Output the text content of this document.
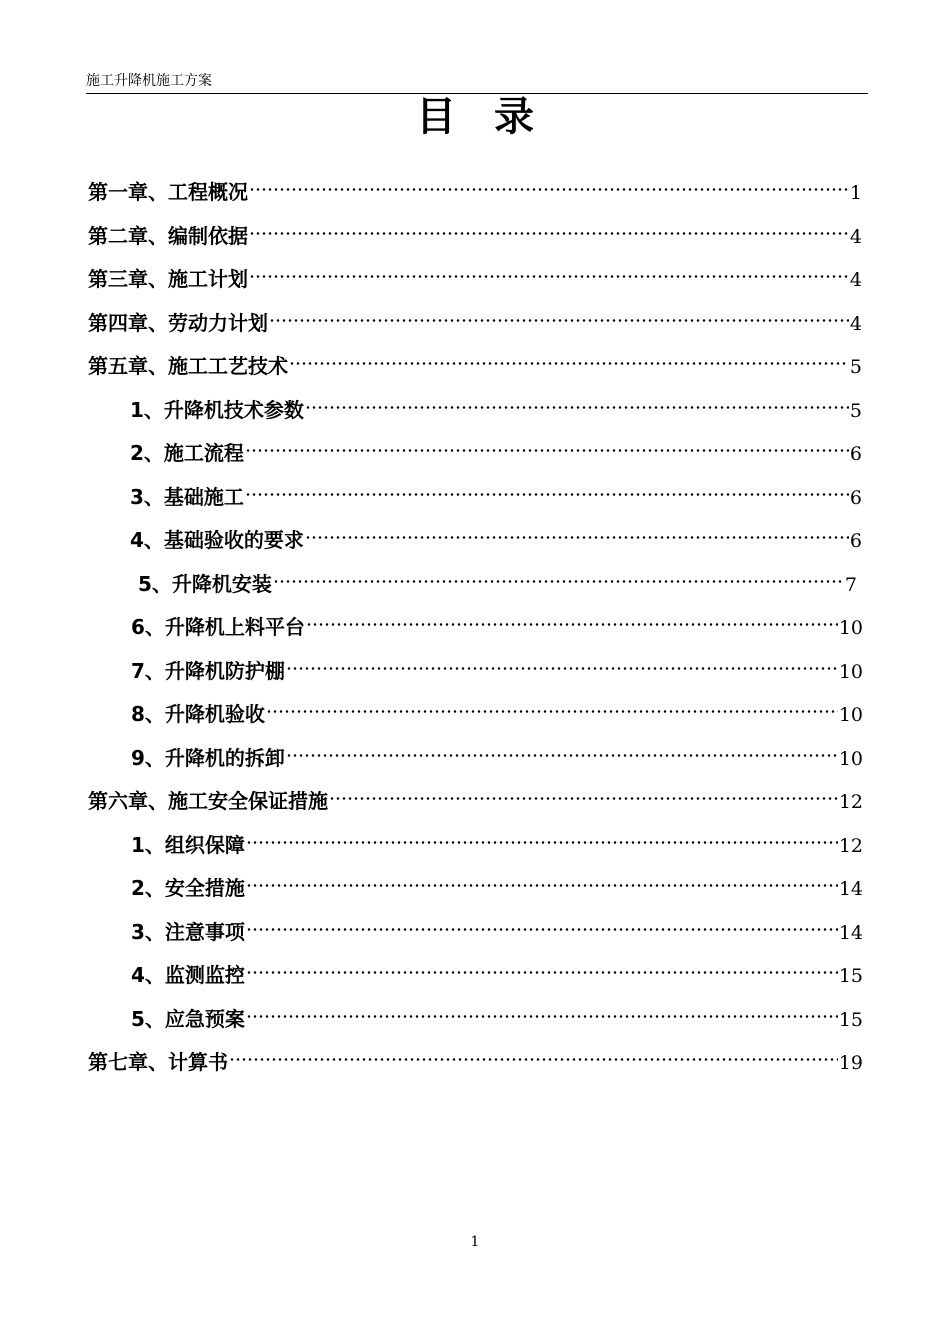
施工升降机施工方案
目录
第一章、工程概况	1
第二章、编制依据	4
第三章、施工计划	4
第四章、劳动力计划	4
第五章、施工工艺技术	5
1、升降机技术参数	5
2、施工流程	6
3、基础施工	6
4、基础验收的要求	6
5、升降机安装	7
6、升降机上料平台	10
7、升降机防护棚	10
8、升降机验收	10
9、升降机的拆卸	10
第六章、施工安全保证措施	12
1、组织保障	12
2、安全措施	14
3、注意事项	14
4、监测监控	15
5、应急预案	15
第七章、计算书	19
1
